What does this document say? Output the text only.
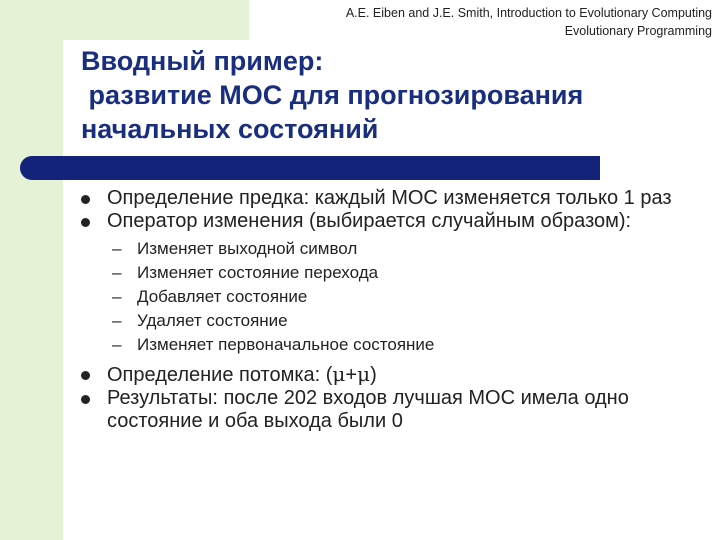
A.E. Eiben and J.E. Smith, Introduction to Evolutionary Computing
Evolutionary Programming
Вводный пример:
развитие МОС для прогнозирования
начальных состояний
Определение предка: каждый МОС изменяется только 1 раз
Оператор изменения (выбирается случайным образом):
– Изменяет выходной символ
– Изменяет состояние перехода
– Добавляет состояние
– Удаляет состояние
– Изменяет первоначальное состояние
Определение потомка: (μ+μ)
Результаты: после 202 входов лучшая МОС имела одно состояние и оба выхода были 0
